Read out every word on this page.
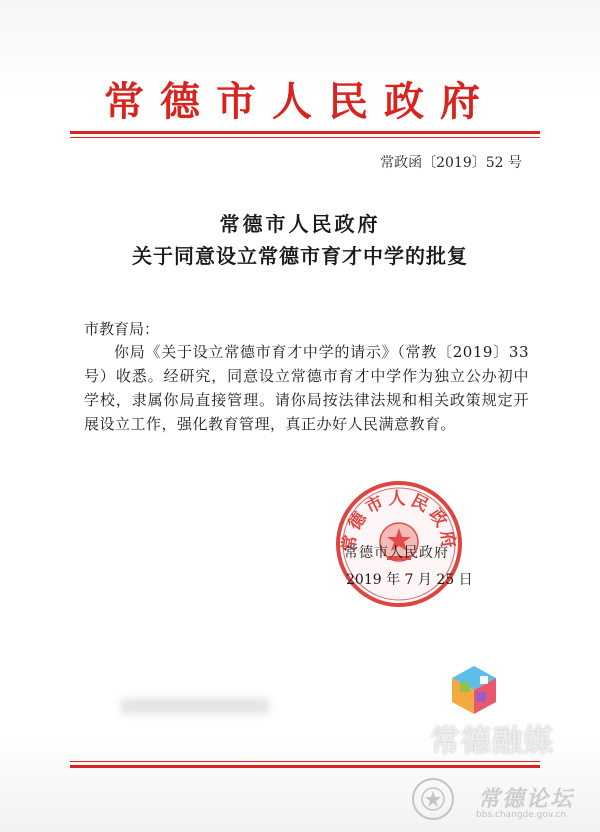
常德市人民政府
常政函〔2019〕52 号
常德市人民政府
关于同意设立常德市育才中学的批复
市教育局：
你局《关于设立常德市育才中学的请示》（常教〔2019〕33 号）收悉。经研究，同意设立常德市育才中学作为独立公办初中学校，隶属你局直接管理。请你局按法律法规和相关政策规定开展设立工作，强化教育管理，真正办好人民满意教育。
常德市人民政府
常德市人民政府
2019 年 7 月 25 日
常德融媒
常德论坛
bbs.changde.gov.cn
